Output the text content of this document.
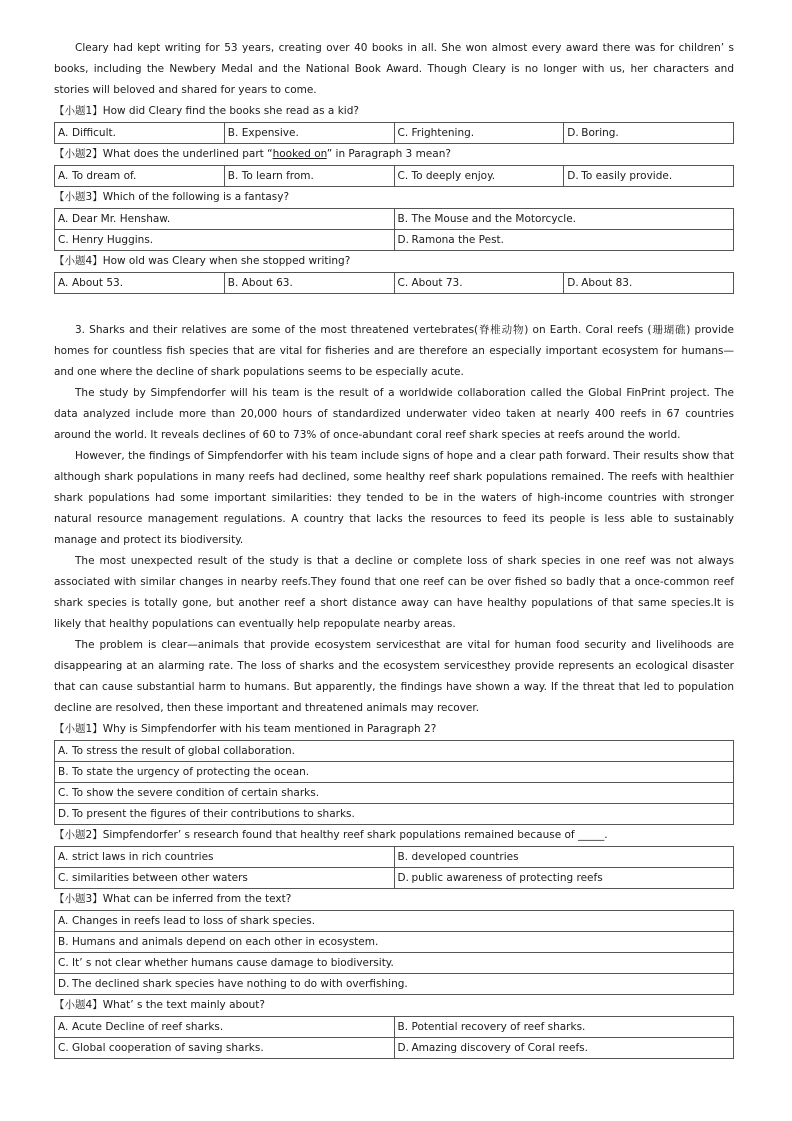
Cleary had kept writing for 53 years, creating over 40 books in all. She won almost every award there was for children’ s books, including the Newbery Medal and the National Book Award. Though Cleary is no longer with us, her characters and stories will beloved and shared for years to come.

【小题1】How did Cleary find the books she read as a kid?
A. Difficult.	B. Expensive.	C. Frightening.	D. Boring.
【小题2】What does the underlined part “hooked on” in Paragraph 3 mean?
A. To dream of.	B. To learn from.	C. To deeply enjoy.	D. To easily provide.
【小题3】Which of the following is a fantasy?
A. Dear Mr. Henshaw.	B. The Mouse and the Motorcycle.
C. Henry Huggins.	D. Ramona the Pest.
【小题4】How old was Cleary when she stopped writing?
A. About 53.	B. About 63.	C. About 73.	D. About 83.

3. Sharks and their relatives are some of the most threatened vertebrates(脊椎动物) on Earth. Coral reefs (珊瑚礁) provide homes for countless fish species that are vital for fisheries and are therefore an especially important ecosystem for humans—and one where the decline of shark populations seems to be especially acute.

The study by Simpfendorfer will his team is the result of a worldwide collaboration called the Global FinPrint project. The data analyzed include more than 20,000 hours of standardized underwater video taken at nearly 400 reefs in 67 countries around the world. It reveals declines of 60 to 73% of once-abundant coral reef shark species at reefs around the world.

However, the findings of Simpfendorfer with his team include signs of hope and a clear path forward. Their results show that although shark populations in many reefs had declined, some healthy reef shark populations remained. The reefs with healthier shark populations had some important similarities: they tended to be in the waters of high-income countries with stronger natural resource management regulations. A country that lacks the resources to feed its people is less able to sustainably manage and protect its biodiversity.

The most unexpected result of the study is that a decline or complete loss of shark species in one reef was not always associated with similar changes in nearby reefs.They found that one reef can be over fished so badly that a once-common reef shark species is totally gone, but another reef a short distance away can have healthy populations of that same species.It is likely that healthy populations can eventually help repopulate nearby areas.

The problem is clear—animals that provide ecosystem servicesthat are vital for human food security and livelihoods are disappearing at an alarming rate. The loss of sharks and the ecosystem servicesthey provide represents an ecological disaster that can cause substantial harm to humans. But apparently, the findings have shown a way. If the threat that led to population decline are resolved, then these important and threatened animals may recover.

【小题1】Why is Simpfendorfer with his team mentioned in Paragraph 2?
A. To stress the result of global collaboration.
B. To state the urgency of protecting the ocean.
C. To show the severe condition of certain sharks.
D. To present the figures of their contributions to sharks.
【小题2】Simpfendorfer’ s research found that healthy reef shark populations remained because of _____.
A. strict laws in rich countries	B. developed countries
C. similarities between other waters	D. public awareness of protecting reefs
【小题3】What can be inferred from the text?
A. Changes in reefs lead to loss of shark species.
B. Humans and animals depend on each other in ecosystem.
C. It’ s not clear whether humans cause damage to biodiversity.
D. The declined shark species have nothing to do with overfishing.
【小题4】What’ s the text mainly about?
A. Acute Decline of reef sharks.	B. Potential recovery of reef sharks.
C. Global cooperation of saving sharks.	D. Amazing discovery of Coral reefs.
